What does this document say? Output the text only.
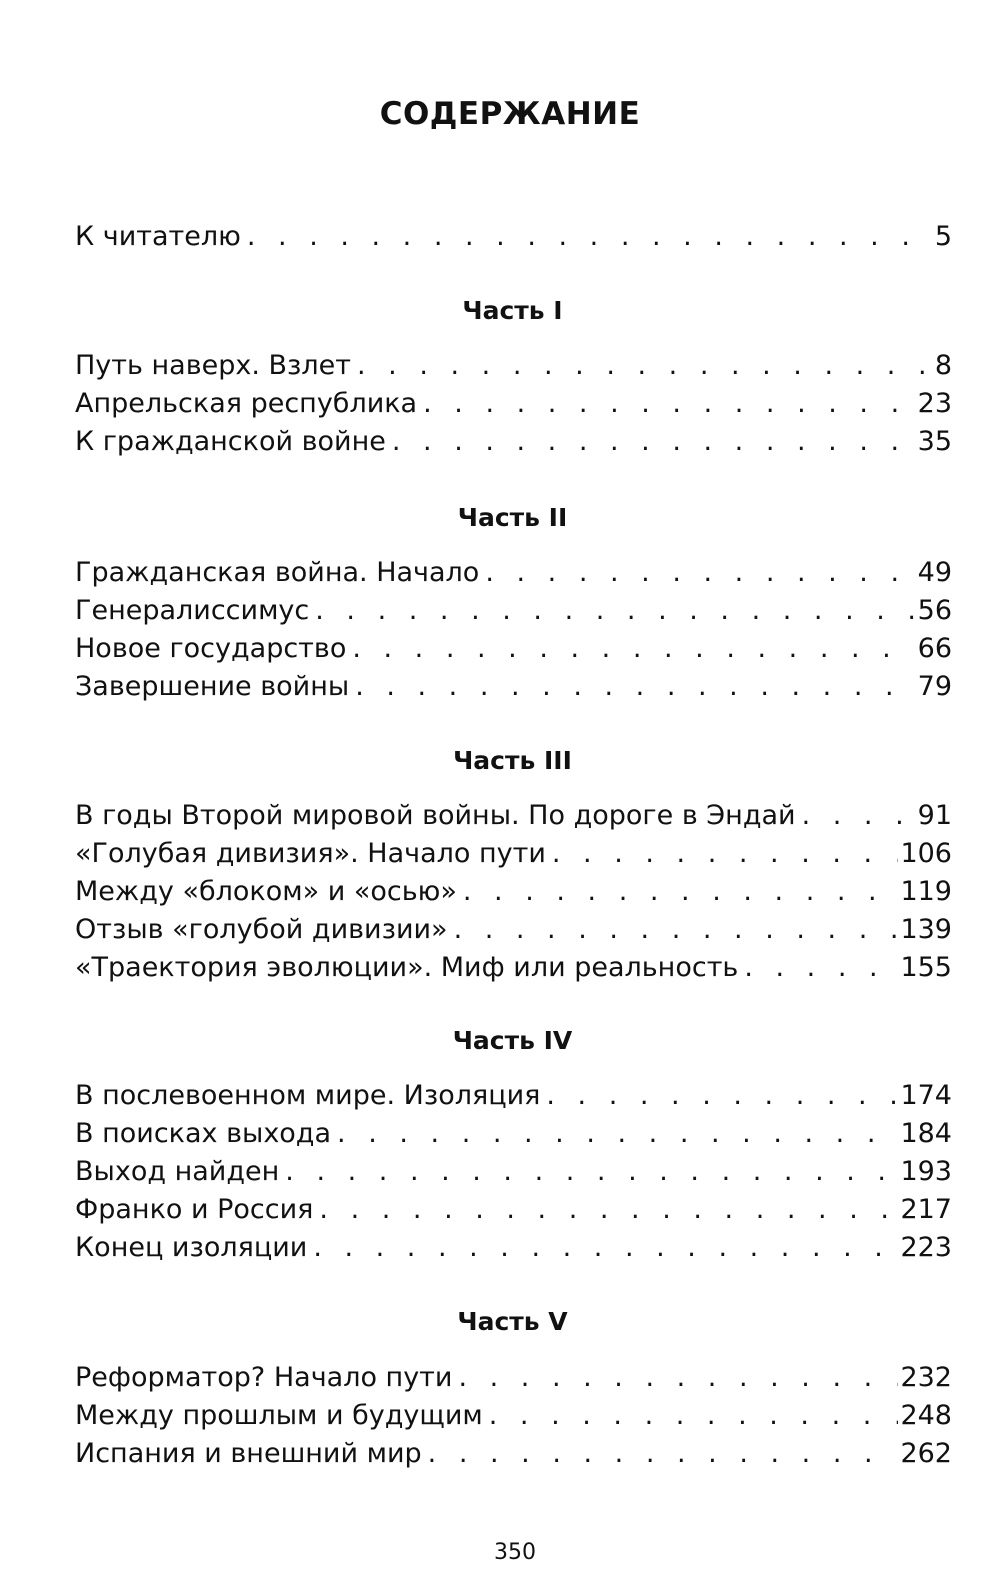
СОДЕРЖАНИЕ
К читателю . . .	5
Часть I
Путь наверх. Взлет . . .	8
Апрельская республика . . .	23
К гражданской войне . . .	35
Часть II
Гражданская война. Начало . . .	49
Генералиссимус . . .	56
Новое государство . . .	66
Завершение войны . . .	79
Часть III
В годы Второй мировой войны. По дороге в Эндай . . .	91
«Голубая дивизия». Начало пути . . .	106
Между «блоком» и «осью» . . .	119
Отзыв «голубой дивизии» . . .	139
«Траектория эволюции». Миф или реальность . . .	155
Часть IV
В послевоенном мире. Изоляция . . .	174
В поисках выхода . . .	184
Выход найден . . .	193
Франко и Россия . . .	217
Конец изоляции . . .	223
Часть V
Реформатор? Начало пути . . .	232
Между прошлым и будущим . . .	248
Испания и внешний мир . . .	262
350
